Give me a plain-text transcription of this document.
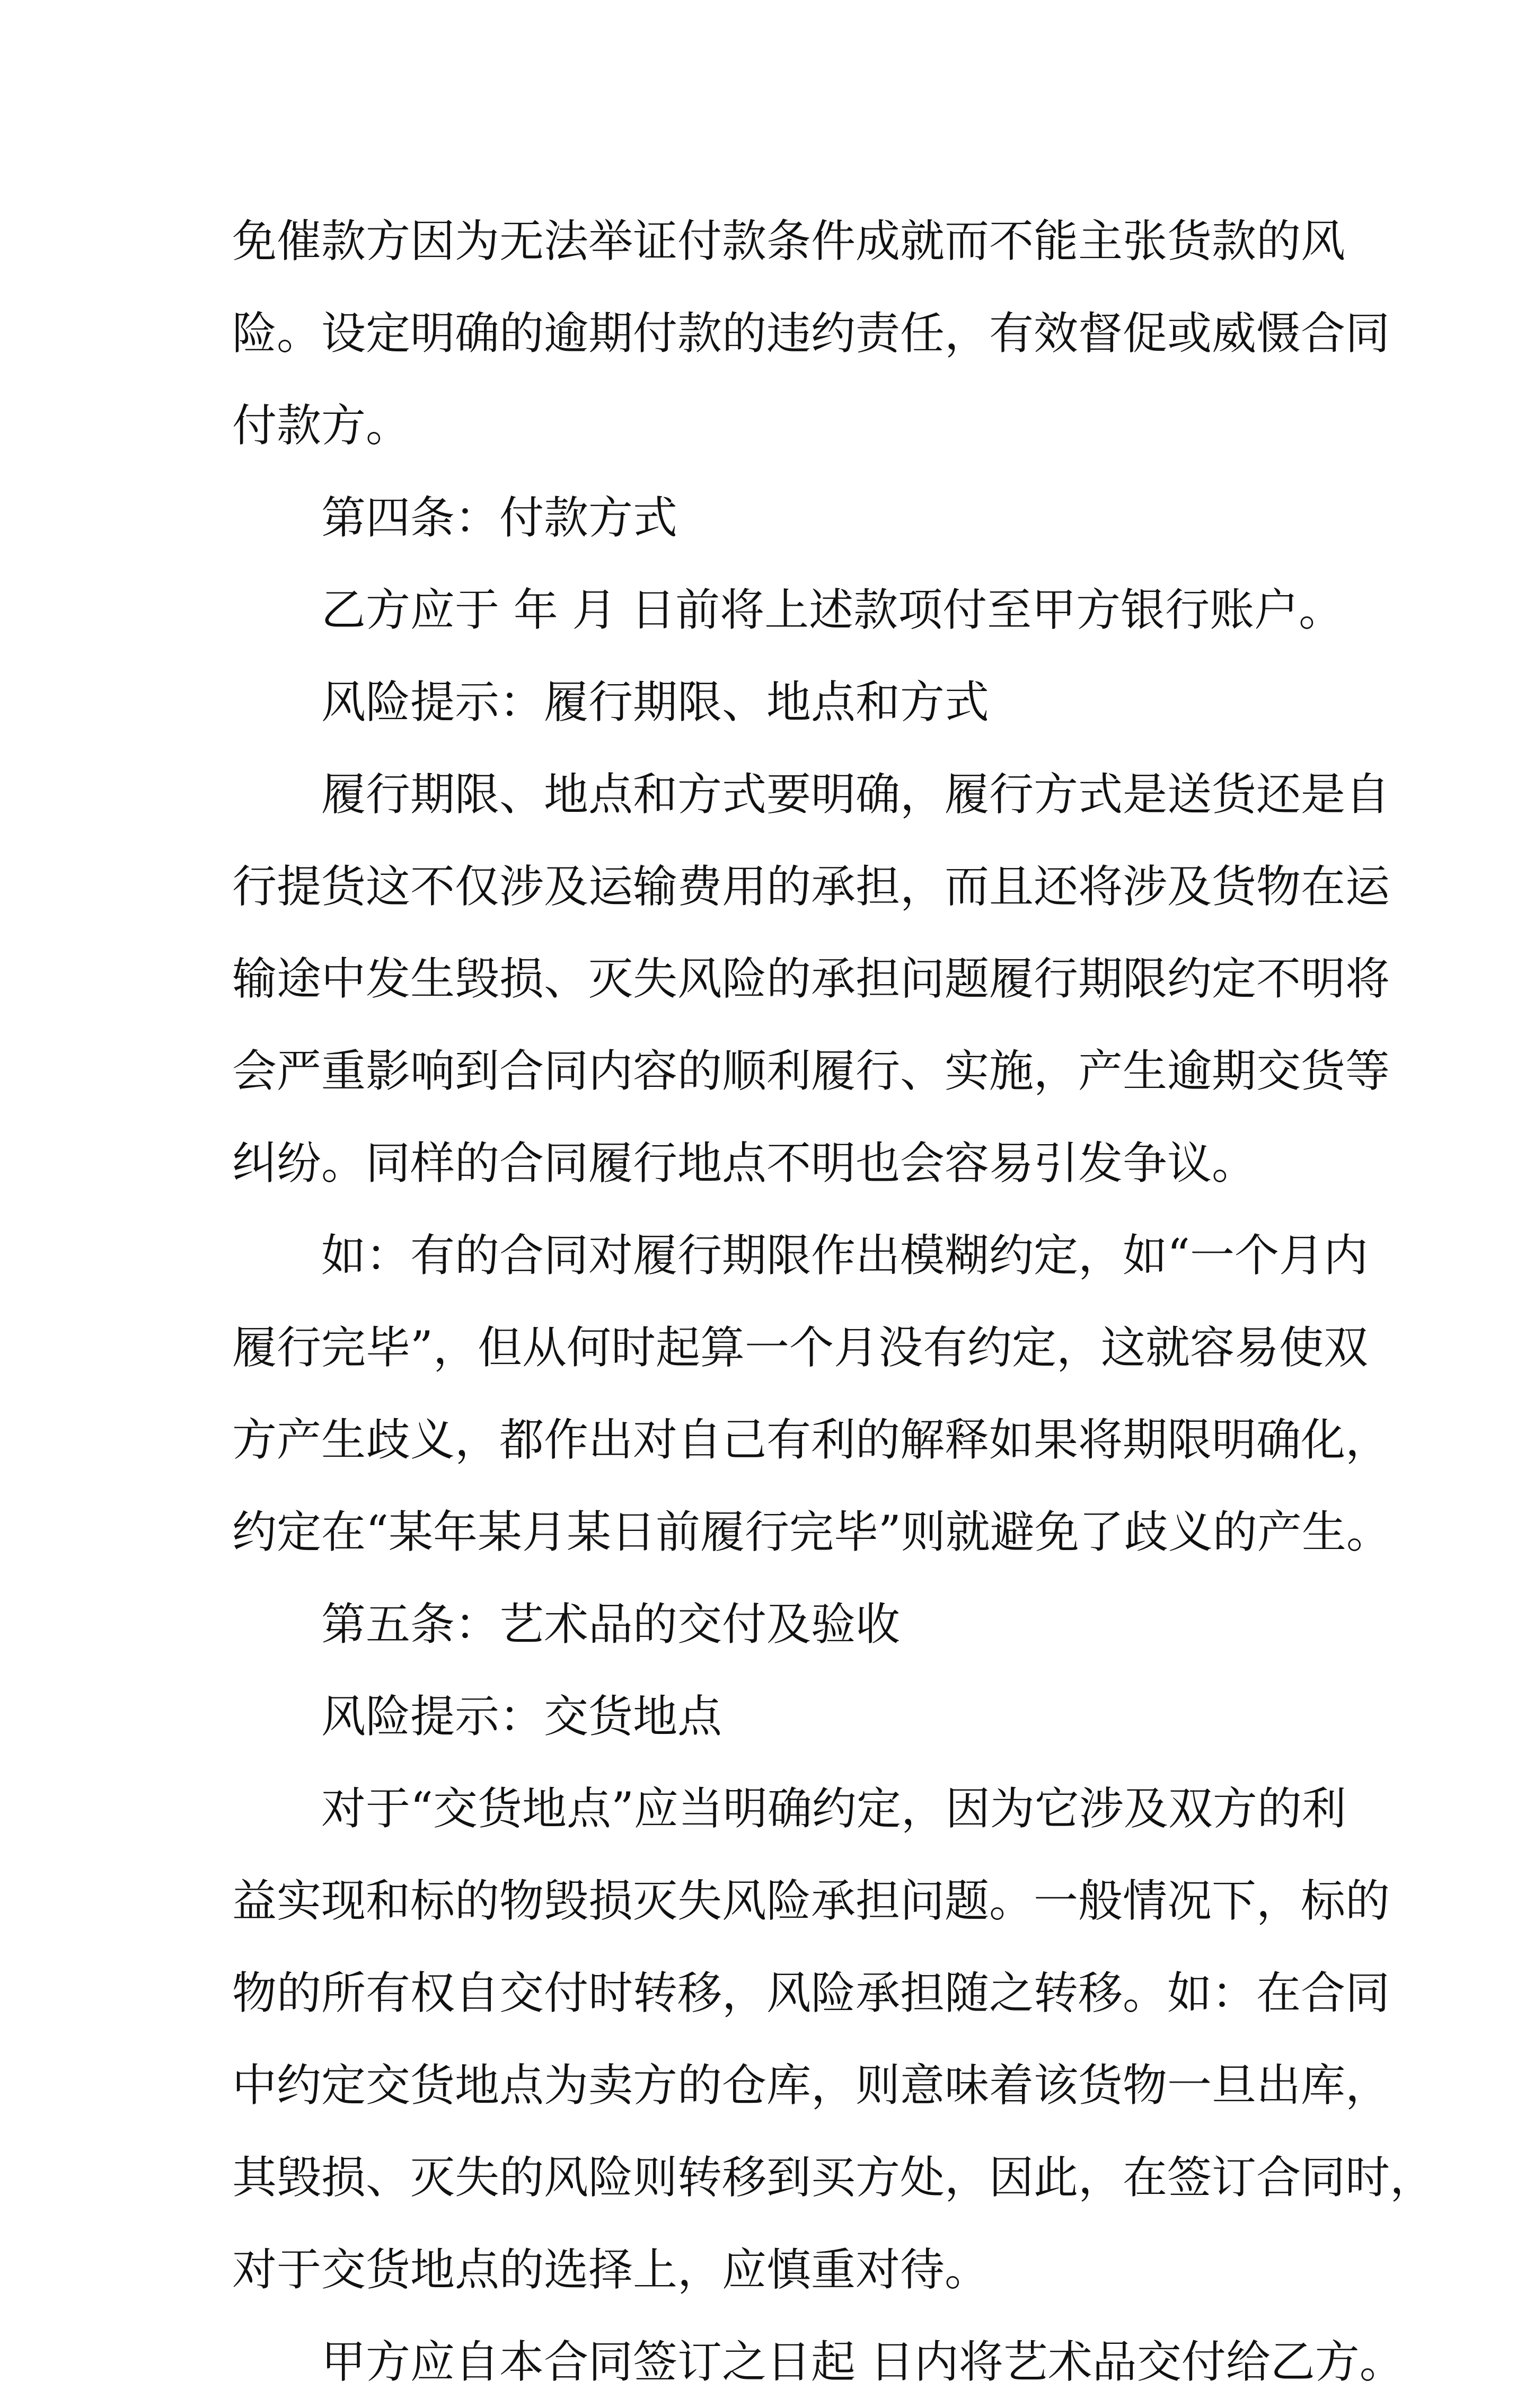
免催款方因为无法举证付款条件成就而不能主张货款的风
险。设定明确的逾期付款的违约责任，有效督促或威慑合同
付款方。
第四条：付款方式
乙方应于 年 月 日前将上述款项付至甲方银行账户。
风险提示：履行期限、地点和方式
履行期限、地点和方式要明确，履行方式是送货还是自
行提货这不仅涉及运输费用的承担，而且还将涉及货物在运
输途中发生毁损、灭失风险的承担问题履行期限约定不明将
会严重影响到合同内容的顺利履行、实施，产生逾期交货等
纠纷。同样的合同履行地点不明也会容易引发争议。
如：有的合同对履行期限作出模糊约定，如“一个月内
履行完毕”，但从何时起算一个月没有约定，这就容易使双
方产生歧义，都作出对自己有利的解释如果将期限明确化，
约定在“某年某月某日前履行完毕”则就避免了歧义的产生。
第五条：艺术品的交付及验收
风险提示：交货地点
对于“交货地点”应当明确约定，因为它涉及双方的利
益实现和标的物毁损灭失风险承担问题。一般情况下，标的
物的所有权自交付时转移，风险承担随之转移。如：在合同
中约定交货地点为卖方的仓库，则意味着该货物一旦出库，
其毁损、灭失的风险则转移到买方处，因此，在签订合同时，
对于交货地点的选择上，应慎重对待。
甲方应自本合同签订之日起 日内将艺术品交付给乙方。
